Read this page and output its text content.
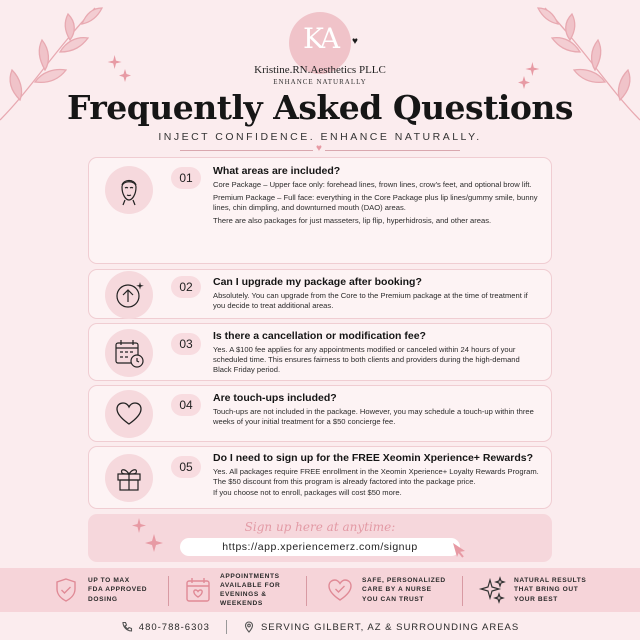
KA
Kristine.RN.Aesthetics PLLC
ENHANCE NATURALLY
♥
Frequently Asked Questions
INJECT CONFIDENCE. ENHANCE NATURALLY.
♥
01	What areas are included?
Core Package – Upper face only: forehead lines, frown lines, crow’s feet, and optional brow lift.
Premium Package – Full face: everything in the Core Package plus lip lines/gummy smile, bunny lines, chin dimpling, and downturned mouth (DAO) areas.
There are also packages for just masseters, lip flip, hyperhidrosis, and other areas.
02	Can I upgrade my package after booking?
Absolutely. You can upgrade from the Core to the Premium package at the time of treatment if you decide to treat additional areas.
03
Is there a cancellation or modification fee?
Yes. A $100 fee applies for any appointments modified or canceled within 24 hours of your scheduled time. This ensures fairness to both clients and providers during the high-demand Black Friday period.
04	Are touch-ups included?
Touch-ups are not included in the package. However, you may schedule a touch-up within three weeks of your initial treatment for a $50 concierge fee.
05
Do I need to sign up for the FREE Xeomin Xperience+ Rewards?
Yes. All packages require FREE enrollment in the Xeomin Xperience+ Loyalty Rewards Program. The $50 discount from this program is already factored into the package price.
If you choose not to enroll, packages will cost $50 more.
Sign up here at anytime:
https://app.xperiencemerz.com/signup
UP TO MAX
FDA APPROVED
DOSING
APPOINTMENTS
AVAILABLE FOR
EVENINGS &
WEEKENDS
SAFE, PERSONALIZED
CARE BY A NURSE
YOU CAN TRUST
NATURAL RESULTS
THAT BRING OUT
YOUR BEST
480-788-6303	SERVING GILBERT, AZ & SURROUNDING AREAS
